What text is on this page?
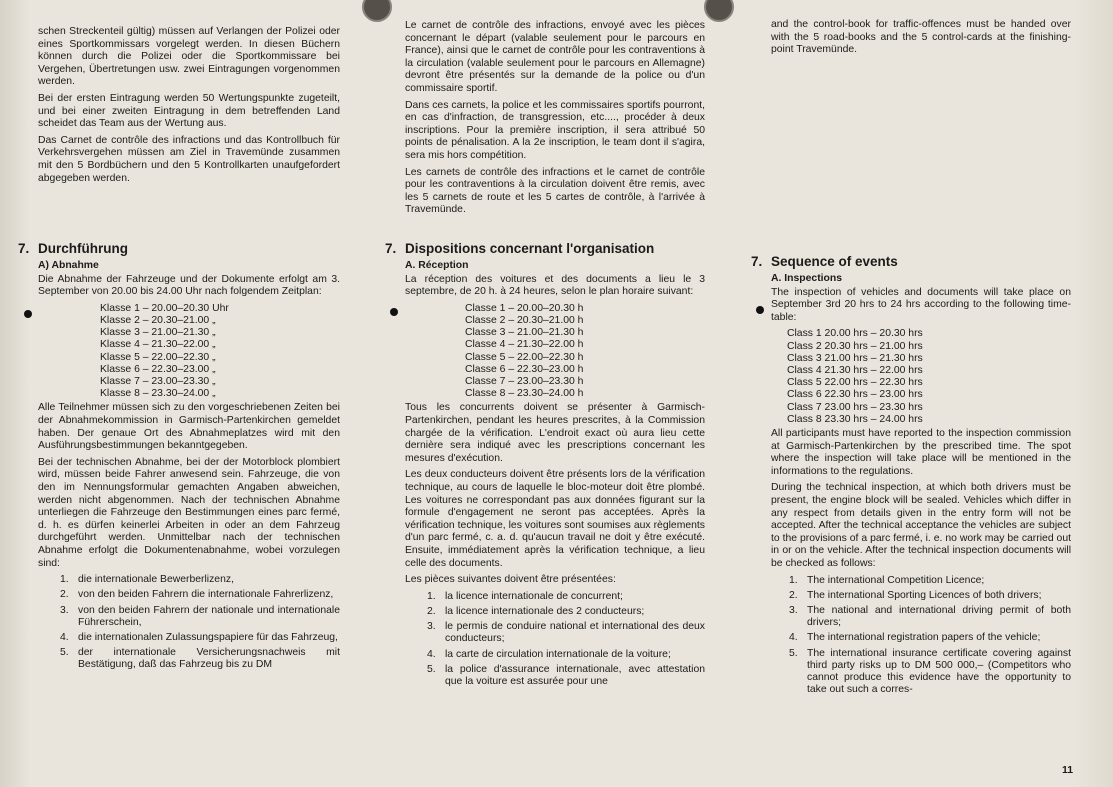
schen Streckenteil gültig) müssen auf Verlangen der Polizei oder eines Sportkommissars vorgelegt werden. In diesen Büchern können durch die Polizei oder die Sportkommissare bei Vergehen, Übertretungen usw. zwei Eintragungen vorgenommen werden.

Bei der ersten Eintragung werden 50 Wertungspunkte zugeteilt, und bei einer zweiten Eintragung in dem betreffenden Land scheidet das Team aus der Wertung aus.

Das Carnet de contrôle des infractions und das Kontrollbuch für Verkehrsvergehen müssen am Ziel in Travemünde zusammen mit den 5 Bordbüchern und den 5 Kontrollkarten unaufgefordert abgegeben werden.

7. Durchführung
A) Abnahme

Die Abnahme der Fahrzeuge und der Dokumente erfolgt am 3. September von 20.00 bis 24.00 Uhr nach folgendem Zeitplan:

Klasse 1 – 20.00–20.30 Uhr
Klasse 2 – 20.30–21.00 „
Klasse 3 – 21.00–21.30 „
Klasse 4 – 21.30–22.00 „
Klasse 5 – 22.00–22.30 „
Klasse 6 – 22.30–23.00 „
Klasse 7 – 23.00–23.30 „
Klasse 8 – 23.30–24.00 „

Alle Teilnehmer müssen sich zu den vorgeschriebenen Zeiten bei der Abnahmekommission in Garmisch-Partenkirchen gemeldet haben. Der genaue Ort des Abnahmeplatzes wird mit den Ausführungsbestimmungen bekanntgegeben.

Bei der technischen Abnahme, bei der der Motorblock plombiert wird, müssen beide Fahrer anwesend sein. Fahrzeuge, die von den im Nennungsformular gemachten Angaben abweichen, werden nicht abgenommen. Nach der technischen Abnahme unterliegen die Fahrzeuge den Bestimmungen eines parc fermé, d. h. es dürfen keinerlei Arbeiten in oder an dem Fahrzeug durchgeführt werden. Unmittelbar nach der technischen Abnahme erfolgt die Dokumentenabnahme, wobei vorzulegen sind:

1. die internationale Bewerberlizenz,
2. von den beiden Fahrern die internationale Fahrerlizenz,
3. von den beiden Fahrern der nationale und internationale Führerschein,
4. die internationalen Zulassungspapiere für das Fahrzeug,
5. der internationale Versicherungsnachweis mit Bestätigung, daß das Fahrzeug bis zu DM

Le carnet de contrôle des infractions, envoyé avec les pièces concernant le départ (valable seulement pour le parcours en France), ainsi que le carnet de contrôle pour les contraventions à la circulation (valable seulement pour le parcours en Allemagne) devront être présentés sur la demande de la police ou d'un commissaire sportif.

Dans ces carnets, la police et les commissaires sportifs pourront, en cas d'infraction, de transgression, etc...., procéder à deux inscriptions. Pour la première inscription, il sera attribué 50 points de pénalisation. A la 2e inscription, le team dont il s'agira, sera mis hors compétition.

Les carnets de contrôle des infractions et le carnet de contrôle pour les contraventions à la circulation doivent être remis, avec les 5 carnets de route et les 5 cartes de contrôle, à l'arrivée à Travemünde.

7. Dispositions concernant l'organisation
A. Réception

La réception des voitures et des documents a lieu le 3 septembre, de 20 h. à 24 heures, selon le plan horaire suivant:

Classe 1 – 20.00–20.30 h
Classe 2 – 20.30–21.00 h
Classe 3 – 21.00–21.30 h
Classe 4 – 21.30–22.00 h
Classe 5 – 22.00–22.30 h
Classe 6 – 22.30–23.00 h
Classe 7 – 23.00–23.30 h
Classe 8 – 23.30–24.00 h

Tous les concurrents doivent se présenter à Garmisch-Partenkirchen, pendant les heures prescrites, à la Commission chargée de la vérification. L'endroit exact où aura lieu cette dernière sera indiqué avec les prescriptions concernant les mesures d'exécution.

Les deux conducteurs doivent être présents lors de la vérification technique, au cours de laquelle le bloc-moteur doit être plombé. Les voitures ne correspondant pas aux données figurant sur la formule d'engagement ne seront pas acceptées. Après la vérification technique, les voitures sont soumises aux règlements d'un parc fermé, c. a. d. qu'aucun travail ne doit y être exécuté. Ensuite, immédiatement après la vérification technique, a lieu celle des documents.

Les pièces suivantes doivent être présentées:

1. la licence internationale de concurrent;
2. la licence internationale des 2 conducteurs;
3. le permis de conduire national et international des deux conducteurs;
4. la carte de circulation internationale de la voiture;
5. la police d'assurance internationale, avec attestation que la voiture est assurée pour une

and the control-book for traffic-offences must be handed over with the 5 road-books and the 5 control-cards at the finishing-point Travemünde.

7. Sequence of events
A. Inspections

The inspection of vehicles and documents will take place on September 3rd 20 hrs to 24 hrs according to the following time-table:

Class 1 20.00 hrs – 20.30 hrs
Class 2 20.30 hrs – 21.00 hrs
Class 3 21.00 hrs – 21.30 hrs
Class 4 21.30 hrs – 22.00 hrs
Class 5 22.00 hrs – 22.30 hrs
Class 6 22.30 hrs – 23.00 hrs
Class 7 23.00 hrs – 23.30 hrs
Class 8 23.30 hrs – 24.00 hrs

All participants must have reported to the inspection commission at Garmisch-Partenkirchen by the prescribed time. The spot where the inspection will take place will be mentioned in the informations to the regulations.

During the technical inspection, at which both drivers must be present, the engine block will be sealed. Vehicles which differ in any respect from details given in the entry form will not be accepted. After the technical acceptance the vehicles are subject to the provisions of a parc fermé, i. e. no work may be carried out in or on the vehicle. After the technical inspection documents will be checked as follows:

1. The international Competition Licence;
2. The international Sporting Licences of both drivers;
3. The national and international driving permit of both drivers;
4. The international registration papers of the vehicle;
5. The international insurance certificate covering against third party risks up to DM 500 000,– (Competitors who cannot produce this evidence have the opportunity to take out such a corres-
11
